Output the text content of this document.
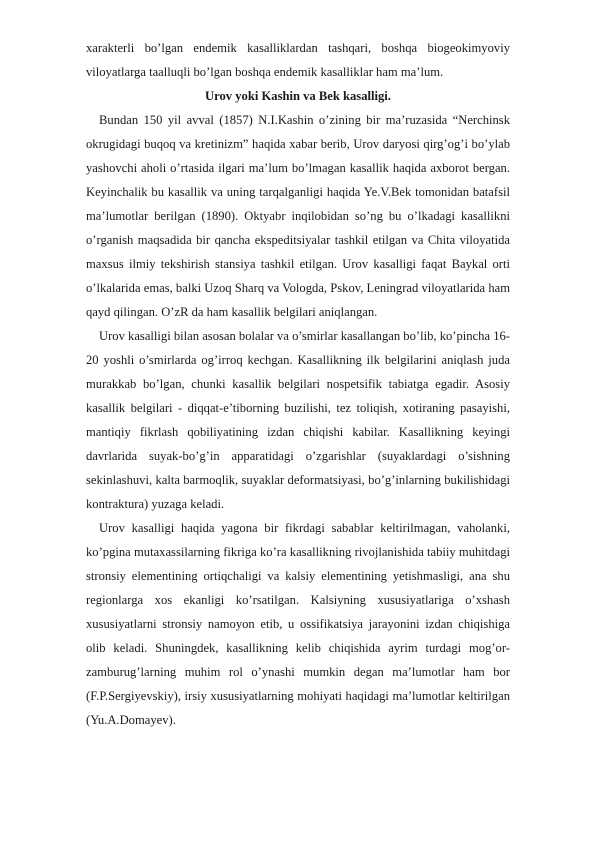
xarakterli bo’lgan endemik kasalliklardan tashqari, boshqa biogeokimyoviy viloyatlarga taalluqli bo’lgan boshqa endemik kasalliklar ham ma’lum.

Urov yoki Kashin va Bek kasalligi.

Bundan 150 yil avval (1857) N.I.Kashin o’zining bir ma’ruzasida “Nerchinsk okrugidagi buqoq va kretinizm” haqida xabar berib, Urov daryosi qirg’og’i bo’ylab yashovchi aholi o’rtasida ilgari ma’lum bo’lmagan kasallik haqida axborot bergan. Keyinchalik bu kasallik va uning tarqalganligi haqida Ye.V.Bek tomonidan batafsil ma’lumotlar berilgan (1890). Oktyabr inqilobidan so’ng bu o’lkadagi kasallikni o’rganish maqsadida bir qancha ekspeditsiyalar tashkil etilgan va Chita viloyatida maxsus ilmiy tekshirish stansiya tashkil etilgan. Urov kasalligi faqat Baykal orti o’lkalarida emas, balki Uzoq Sharq va Vologda, Pskov, Leningrad viloyatlarida ham qayd qilingan. O’zR da ham kasallik belgilari aniqlangan.

Urov kasalligi bilan asosan bolalar va o’smirlar kasallangan bo’lib, ko’pincha 16-20 yoshli o’smirlarda og’irroq kechgan. Kasallikning ilk belgilarini aniqlash juda murakkab bo’lgan, chunki kasallik belgilari nospetsifik tabiatga egadir. Asosiy kasallik belgilari - diqqat-e’tiborning buzilishi, tez toliqish, xotiraning pasayishi, mantiqiy fikrlash qobiliyatining izdan chiqishi kabilar. Kasallikning keyingi davrlarida suyak-bo’g’in apparatidagi o’zgarishlar (suyaklardagi o’sishning sekinlashuvi, kalta barmoqlik, suyaklar deformatsiyasi, bo’g’inlarning bukilishidagi kontraktura) yuzaga keladi.

Urov kasalligi haqida yagona bir fikrdagi sabablar keltirilmagan, vaholanki, ko’pgina mutaxassilarning fikriga ko’ra kasallikning rivojlanishida tabiiy muhitdagi stronsiy elementining ortiqchaligi va kalsiy elementining yetishmasligi, ana shu regionlarga xos ekanligi ko’rsatilgan. Kalsiyning xususiyatlariga o’xshash xususiyatlarni stronsiy namoyon etib, u ossifikatsiya jarayonini izdan chiqishiga olib keladi. Shuningdek, kasallikning kelib chiqishida ayrim turdagi mog’or-zamburug’larning muhim rol o’ynashi mumkin degan ma’lumotlar ham bor (F.P.Sergiyevskiy), irsiy xususiyatlarning mohiyati haqidagi ma’lumotlar keltirilgan (Yu.A.Domayev).
